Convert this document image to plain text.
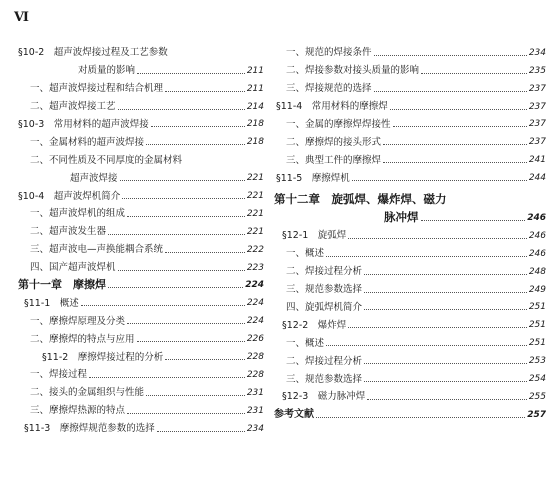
Ⅵ
§10-2　超声波焊接过程及工艺参数
对质量的影响	211
一、超声波焊接过程和结合机理	211
二、超声波焊接工艺	214
§10-3　常用材料的超声波焊接	218
一、金属材料的超声波焊接	218
二、不同性质及不同厚度的金属材料
超声波焊接	221
§10-4　超声波焊机简介	221
一、超声波焊机的组成	221
二、超声波发生器	221
三、超声波电—声换能耦合系统	222
四、国产超声波焊机	223
第十一章　摩擦焊	224
§11-1　概述	224
一、摩擦焊原理及分类	224
二、摩擦焊的特点与应用	226
§11-2　摩擦焊接过程的分析	228
一、焊接过程	228
二、接头的金属组织与性能	231
三、摩擦焊热源的特点	231
§11-3　摩擦焊规范参数的选择	234
一、规范的焊接条件	234
二、焊接参数对接头质量的影响	235
三、焊接规范的选择	237
§11-4　常用材料的摩擦焊	237
一、金属的摩擦焊焊接性	237
二、摩擦焊的接头形式	237
三、典型工件的摩擦焊	241
§11-5　摩擦焊机	244
第十二章　旋弧焊、爆炸焊、磁力
脉冲焊	246
§12-1　旋弧焊	246
一、概述	246
二、焊接过程分析	248
三、规范参数选择	249
四、旋弧焊机简介	251
§12-2　爆炸焊	251
一、概述	251
二、焊接过程分析	253
三、规范参数选择	254
§12-3　磁力脉冲焊	255
参考文献	257
